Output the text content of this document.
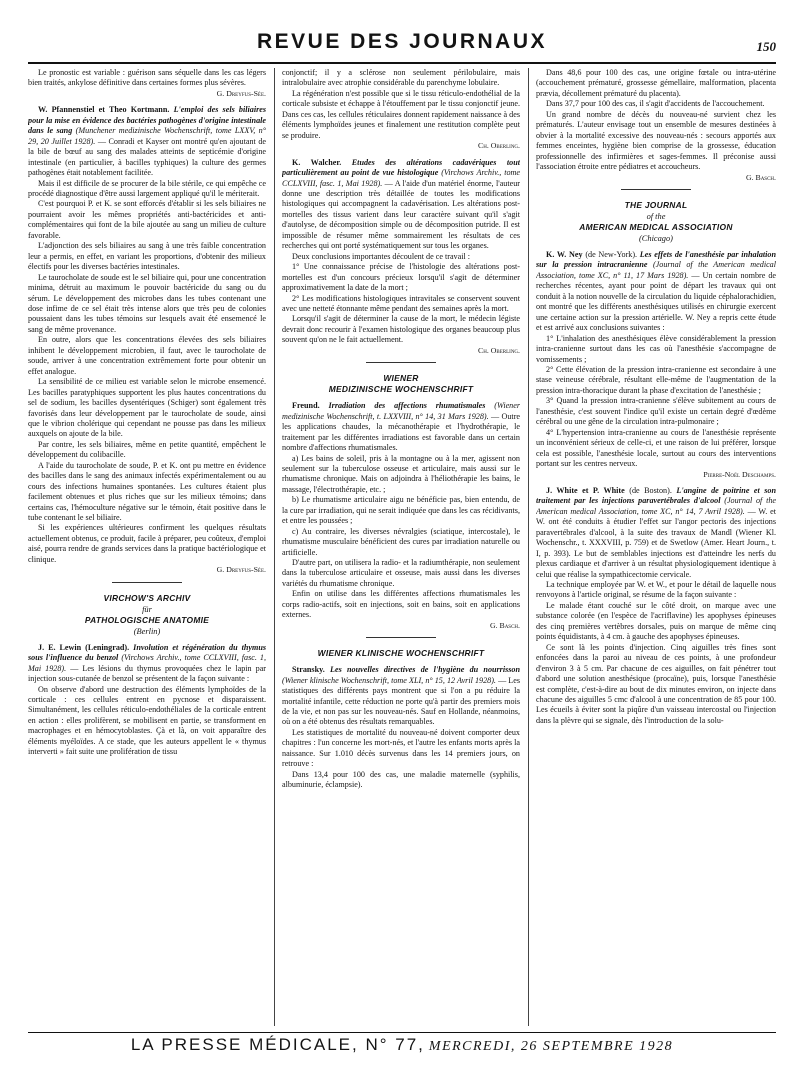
REVUE DES JOURNAUX	150

Le pronostic est variable : guérison sans séquelle dans les cas légers bien traités, ankylose définitive dans certaines formes plus sévères.

G. Dreyfus-Sée.

W. Pfannenstiel et Theo Kortmann. L'emploi des sels biliaires pour la mise en évidence des bactéries pathogènes d'origine intestinale dans le sang (Munchener medizinische Wochenschrift, tome LXXV, n° 29, 20 Juillet 1928). — Conradi et Kayser ont montré qu'en ajoutant de la bile de bœuf au sang des malades atteints de septicémie d'origine intestinale (en particulier, à bacilles typhiques) la culture des germes pathogènes était notablement facilitée.

Mais il est difficile de se procurer de la bile stérile, ce qui empêche ce procédé diagnostique d'être aussi largement appliqué qu'il le mériterait.

C'est pourquoi P. et K. se sont efforcés d'établir si les sels biliaires ne pourraient avoir les mêmes propriétés anti-bactéricides et anti-complémentaires qui font de la bile ajoutée au sang un milieu de culture favorable.

L'adjonction des sels biliaires au sang à une très faible concentration leur a permis, en effet, en variant les proportions, d'obtenir des milieux électifs pour les diverses bactéries intestinales.

Le taurocholate de soude est le sel biliaire qui, pour une concentration minima, détruit au maximum le pouvoir bactéricide du sang ou du sérum. Le développement des microbes dans les tubes contenant une dose infime de ce sel était très intense alors que très peu de colonies poussaient dans les tubes témoins sur lesquels avait été ensemencé le sang de même provenance.

En outre, alors que les concentrations élevées des sels biliaires inhibent le développement microbien, il faut, avec le taurocholate de soude, arriver à une concentration extrêmement forte pour obtenir un effet analogue.

La sensibilité de ce milieu est variable selon le microbe ensemencé. Les bacilles paratyphiques supportent les plus hautes concentrations du sel de sodium, les bacilles dysentériques (Schiger) sont également très favorisés dans leur développement par le taurocholate de soude, ainsi que le vibrion cholérique qui cependant ne pousse pas dans les milieux auxquels on ajoute de la bile.

Par contre, les sels biliaires, même en petite quantité, empêchent le développement du colibacille.

A l'aide du taurocholate de soude, P. et K. ont pu mettre en évidence des bacilles dans le sang des animaux infectés expérimentalement ou au cours des infections humaines spontanées. Les cultures étaient plus facilement obtenues et plus riches que sur les milieux témoins; dans certains cas, l'hémoculture négative sur le témoin, était positive dans le tube contenant le sel biliaire.

Si les expériences ultérieures confirment les quelques résultats actuellement obtenus, ce produit, facile à préparer, peu coûteux, d'emploi aisé, pourra rendre de grands services dans la pratique bactériologique et clinique.

G. Dreyfus-Sée.
VIRCHOW'S ARCHIV
für
PATHOLOGISCHE ANATOMIE
(Berlin)

J. E. Lewin (Leningrad). Involution et régénération du thymus sous l'influence du benzol (Virchows Archiv., tome CCLXVIII, fasc. 1, Mai 1928). — Les lésions du thymus provoquées chez le lapin par injection sous-cutanée de benzol se présentent de la façon suivante :

On observe d'abord une destruction des éléments lymphoïdes de la corticale : ces cellules entrent en pycnose et disparaissent. Simultanément, les cellules réticulo-endothéliales de la corticale entrent en action : elles prolifèrent, se mobilisent en partie, se transforment en macrophages et en hémocytoblastes. Çà et là, on voit apparaître des éléments myéloïdes. A ce stade, que les auteurs appellent le « thymus interverti » fait suite une prolifération de tissu

conjonctif; il y a sclérose non seulement périlobulaire, mais intralobulaire avec atrophie considérable du parenchyme lobulaire.

La régénération n'est possible que si le tissu réticulo-endothélial de la corticale subsiste et échappe à l'étouffement par le tissu conjonctif jeune. Dans ces cas, les cellules réticulaires donnent rapidement naissance à des éléments lymphoïdes jeunes et finalement une restitution complète peut se produire.

Ch. Oberling.

K. Walcher. Etudes des altérations cadavériques tout particulièrement au point de vue histologique (Virchows Archiv., tome CCLXVIII, fasc. 1, Mai 1928). — A l'aide d'un matériel énorme, l'auteur donne une description très détaillée de toutes les modifications histologiques qui accompagnent la cadavérisation. Les altérations post-mortelles des tissus varient dans leur caractère suivant qu'il s'agit d'autolyse, de décomposition simple ou de décomposition putride. Il est impossible de résumer même sommairement les résultats de ces recherches qui ont porté systématiquement sur tous les organes.

Deux conclusions importantes découlent de ce travail :

1° Une connaissance précise de l'histologie des altérations post-mortelles est d'un concours précieux lorsqu'il s'agit de déterminer approximativement la date de la mort ;

2° Les modifications histologiques intravitales se conservent souvent avec une netteté étonnante même pendant des semaines après la mort.

Lorsqu'il s'agit de déterminer la cause de la mort, le médecin légiste devrait donc recourir à l'examen histologique des organes beaucoup plus souvent qu'on ne le fait actuellement.

Ch. Oberling.
WIENER
MEDIZINISCHE WOCHENSCHRIFT

Freund. Irradiation des affections rhumatismales (Wiener medizinische Wochenschrift, t. LXXVIII, n° 14, 31 Mars 1928). — Outre les applications chaudes, la mécanothérapie et l'hydrothérapie, le traitement par les différentes irradiations est favorable dans un certain nombre d'affections rhumatismales.

a) Les bains de soleil, pris à la montagne ou à la mer, agissent non seulement sur la tuberculose osseuse et articulaire, mais aussi sur le rhumatisme chronique. Mais on adjoindra à l'héliothérapie les bains, le massage, l'électrothérapie, etc. ;

b) Le rhumatisme articulaire aigu ne bénéficie pas, bien entendu, de la cure par irradiation, qui ne serait indiquée que dans les cas récidivants, et entre les poussées ;

c) Au contraire, les diverses névralgies (sciatique, intercostale), le rhumatisme musculaire bénéficient des cures par irradiation naturelle ou artificielle.

D'autre part, on utilisera la radio- et la radiumthérapie, non seulement dans la tuberculose articulaire et osseuse, mais aussi dans les diverses variétés du rhumatisme chronique.

Enfin on utilise dans les différentes affections rhumatismales les corps radio-actifs, soit en injections, soit en bains, soit en applications externes.

G. Basch.
WIENER KLINISCHE WOCHENSCHRIFT

Stransky. Les nouvelles directives de l'hygiène du nourrisson (Wiener klinische Wochenschrift, tome XLI, n° 15, 12 Avril 1928). — Les statistiques des différents pays montrent que si l'on a pu réduire la mortalité infantile, cette réduction ne porte qu'à partir des premiers mois de la vie, et non pas sur les nouveau-nés. Sauf en Hollande, néanmoins, où on a été obtenus des résultats remarquables.

Les statistiques de mortalité du nouveau-né doivent comporter deux chapitres : l'un concerne les mort-nés, et l'autre les enfants morts après la naissance. Sur 1.010 décès survenus dans les 14 premiers jours, on retrouve :

Dans 13,4 pour 100 des cas, une maladie maternelle (syphilis, albuminurie, éclampsie).

Dans 48,6 pour 100 des cas, une origine fœtale ou intra-utérine (accouchement prématuré, grossesse gémellaire, malformation, placenta prævia, décollement prématuré du placenta).

Dans 37,7 pour 100 des cas, il s'agit d'accidents de l'accouchement.

Un grand nombre de décès du nouveau-né survient chez les prématurés. L'auteur envisage tout un ensemble de mesures destinées à obvier à la mortalité excessive des nouveau-nés : secours apportés aux femmes enceintes, hygiène bien comprise de la grossesse, éducation professionnelle des infirmières et sages-femmes. Il préconise aussi l'association étroite entre pédiatres et accoucheurs.

G. Basch.
THE JOURNAL
of the
AMERICAN MEDICAL ASSOCIATION
(Chicago)

K. W. Ney (de New-York). Les effets de l'anesthésie par inhalation sur la pression intracranienne (Journal of the American medical Association, tome XC, n° 11, 17 Mars 1928). — Un certain nombre de recherches récentes, ayant pour point de départ les travaux qui ont conduit à la notion nouvelle de la circulation du liquide céphalorachidien, ont montré que les différents anesthésiques utilisés en chirurgie exercent une certaine action sur la pression artérielle. W. Ney a repris cette étude et est arrivé aux conclusions suivantes :

1° L'inhalation des anesthésiques élève considérablement la pression intra-cranienne surtout dans les cas où l'anesthésie s'accompagne de vomissements ;

2° Cette élévation de la pression intra-cranienne est secondaire à une stase veineuse cérébrale, résultant elle-même de l'augmentation de la pression intra-thoracique durant la phase d'excitation de l'anesthésie ;

3° Quand la pression intra-cranienne s'élève subitement au cours de l'anesthésie, c'est souvent l'indice qu'il existe un certain degré d'œdème cérébral ou une gêne de la circulation intra-pulmonaire ;

4° L'hypertension intra-cranienne au cours de l'anesthésie représente un inconvénient sérieux de celle-ci, et une raison de lui préférer, lorsque cela est possible, l'anesthésie locale, surtout au cours des interventions portant sur les centres nerveux.

Pierre-Noël Deschamps.

J. White et P. White (de Boston). L'angine de poitrine et son traitement par les injections paravertébrales d'alcool (Journal of the American medical Association, tome XC, n° 14, 7 Avril 1928). — W. et W. ont été conduits à étudier l'effet sur l'angor pectoris des injections paravertébrales d'alcool, à la suite des travaux de Mandl (Wiener Kl. Wochenschr., t. XXXVIII, p. 759) et de Swetlow (Amer. Heart Journ., t. I, p. 393). Le but de semblables injections est d'atteindre les nerfs du plexus cardiaque et d'arriver à un résultat physiologiquement identique à celui que réalise la sympathicectomie cervicale.

La technique employée par W. et W., et pour le détail de laquelle nous renvoyons à l'article original, se résume de la façon suivante :

Le malade étant couché sur le côté droit, on marque avec une substance colorée (en l'espèce de l'acriflavine) les apophyses épineuses des cinq premières vertèbres dorsales, puis on marque de même cinq points équidistants, à 4 cm. à gauche des apophyses épineuses.

Ce sont là les points d'injection. Cinq aiguilles très fines sont enfoncées dans la paroi au niveau de ces points, à une profondeur d'environ 3 à 5 cm. Par chacune de ces aiguilles, on fait pénétrer tout d'abord une solution anesthésique (procaïne), puis, lorsque l'anesthésie est complète, c'est-à-dire au bout de dix minutes environ, on injecte dans chacune des aiguilles 5 cmc d'alcool à une concentration de 85 pour 100. Les écueils à éviter sont la piqûre d'un vaisseau intercostal ou l'injection dans la plèvre qui se signale, dès l'introduction de la solu-

LA PRESSE MÉDICALE, N° 77, MERCREDI, 26 SEPTEMBRE 1928
